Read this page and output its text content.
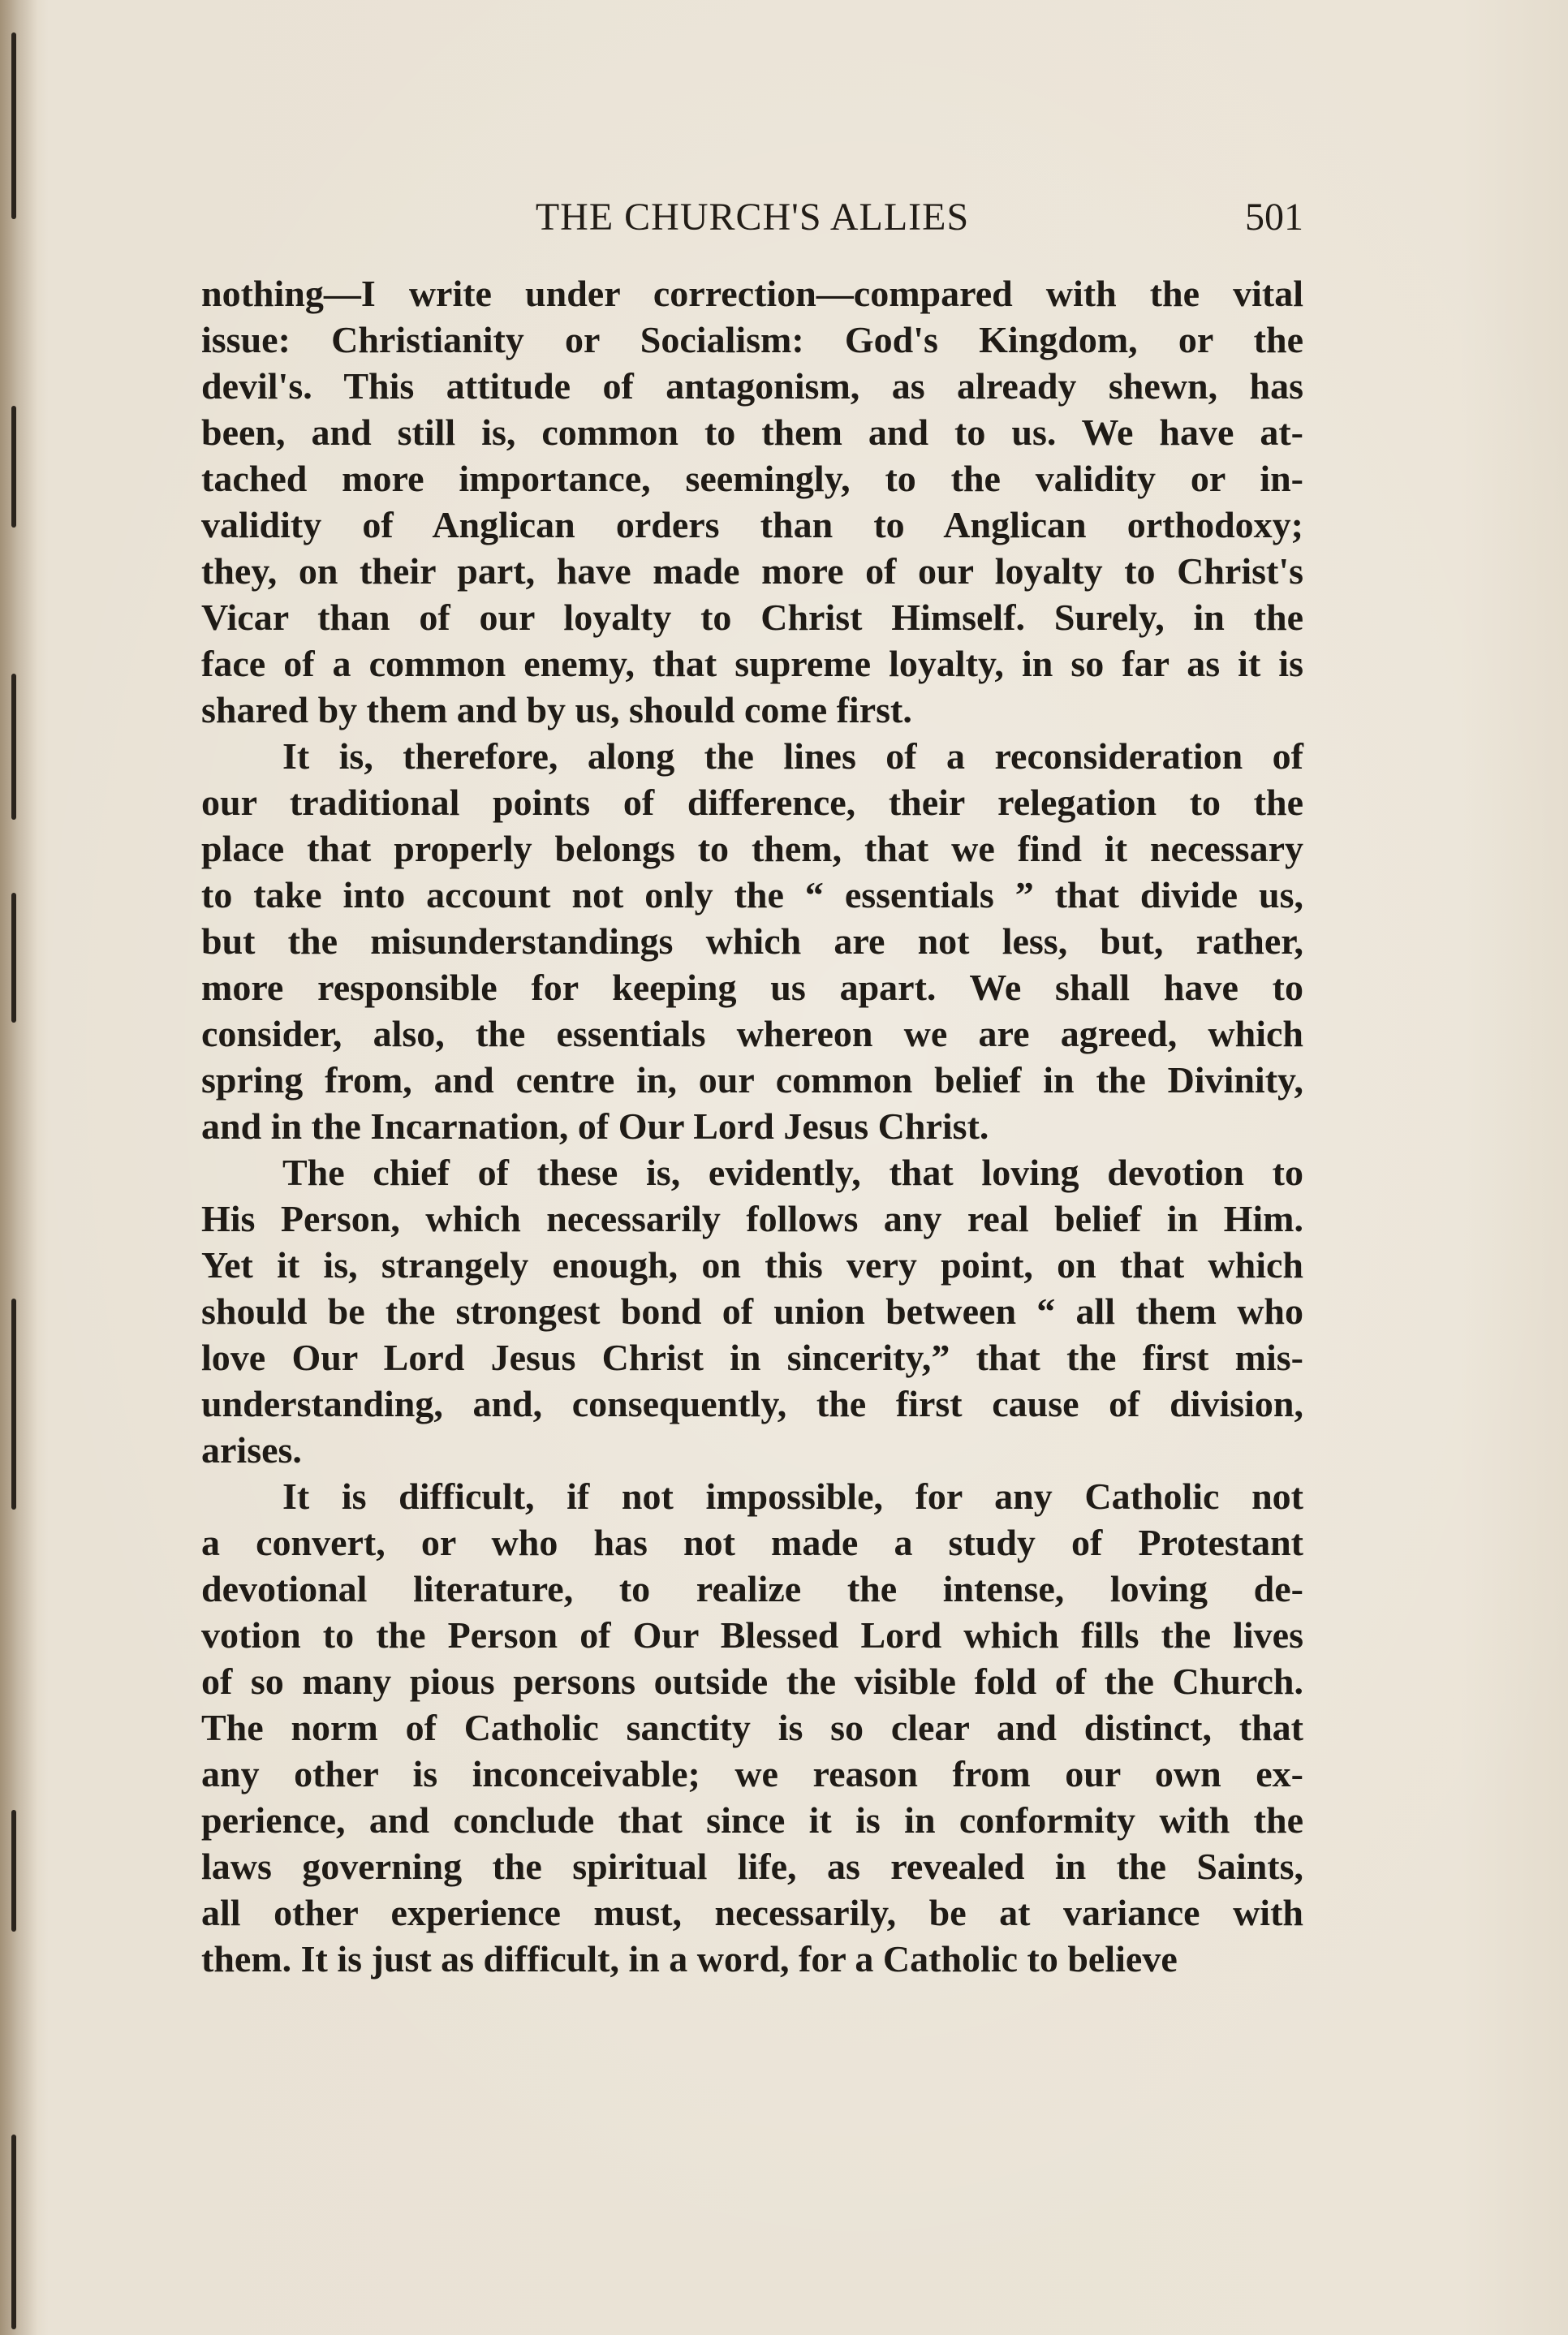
THE CHURCH'S ALLIES	501

nothing—I write under correction—compared with the vital
issue: Christianity or Socialism: God's Kingdom, or the
devil's. This attitude of antagonism, as already shewn, has
been, and still is, common to them and to us. We have at-
tached more importance, seemingly, to the validity or in-
validity of Anglican orders than to Anglican orthodoxy;
they, on their part, have made more of our loyalty to Christ's
Vicar than of our loyalty to Christ Himself. Surely, in the
face of a common enemy, that supreme loyalty, in so far as it is
shared by them and by us, should come first.

It is, therefore, along the lines of a reconsideration of
our traditional points of difference, their relegation to the
place that properly belongs to them, that we find it necessary
to take into account not only the “ essentials ” that divide us,
but the misunderstandings which are not less, but, rather,
more responsible for keeping us apart. We shall have to
consider, also, the essentials whereon we are agreed, which
spring from, and centre in, our common belief in the Divinity,
and in the Incarnation, of Our Lord Jesus Christ.

The chief of these is, evidently, that loving devotion to
His Person, which necessarily follows any real belief in Him.
Yet it is, strangely enough, on this very point, on that which
should be the strongest bond of union between “ all them who
love Our Lord Jesus Christ in sincerity,” that the first mis-
understanding, and, consequently, the first cause of division,
arises.

It is difficult, if not impossible, for any Catholic not
a convert, or who has not made a study of Protestant
devotional literature, to realize the intense, loving de-
votion to the Person of Our Blessed Lord which fills the lives
of so many pious persons outside the visible fold of the Church.
The norm of Catholic sanctity is so clear and distinct, that
any other is inconceivable; we reason from our own ex-
perience, and conclude that since it is in conformity with the
laws governing the spiritual life, as revealed in the Saints,
all other experience must, necessarily, be at variance with
them. It is just as difficult, in a word, for a Catholic to believe
